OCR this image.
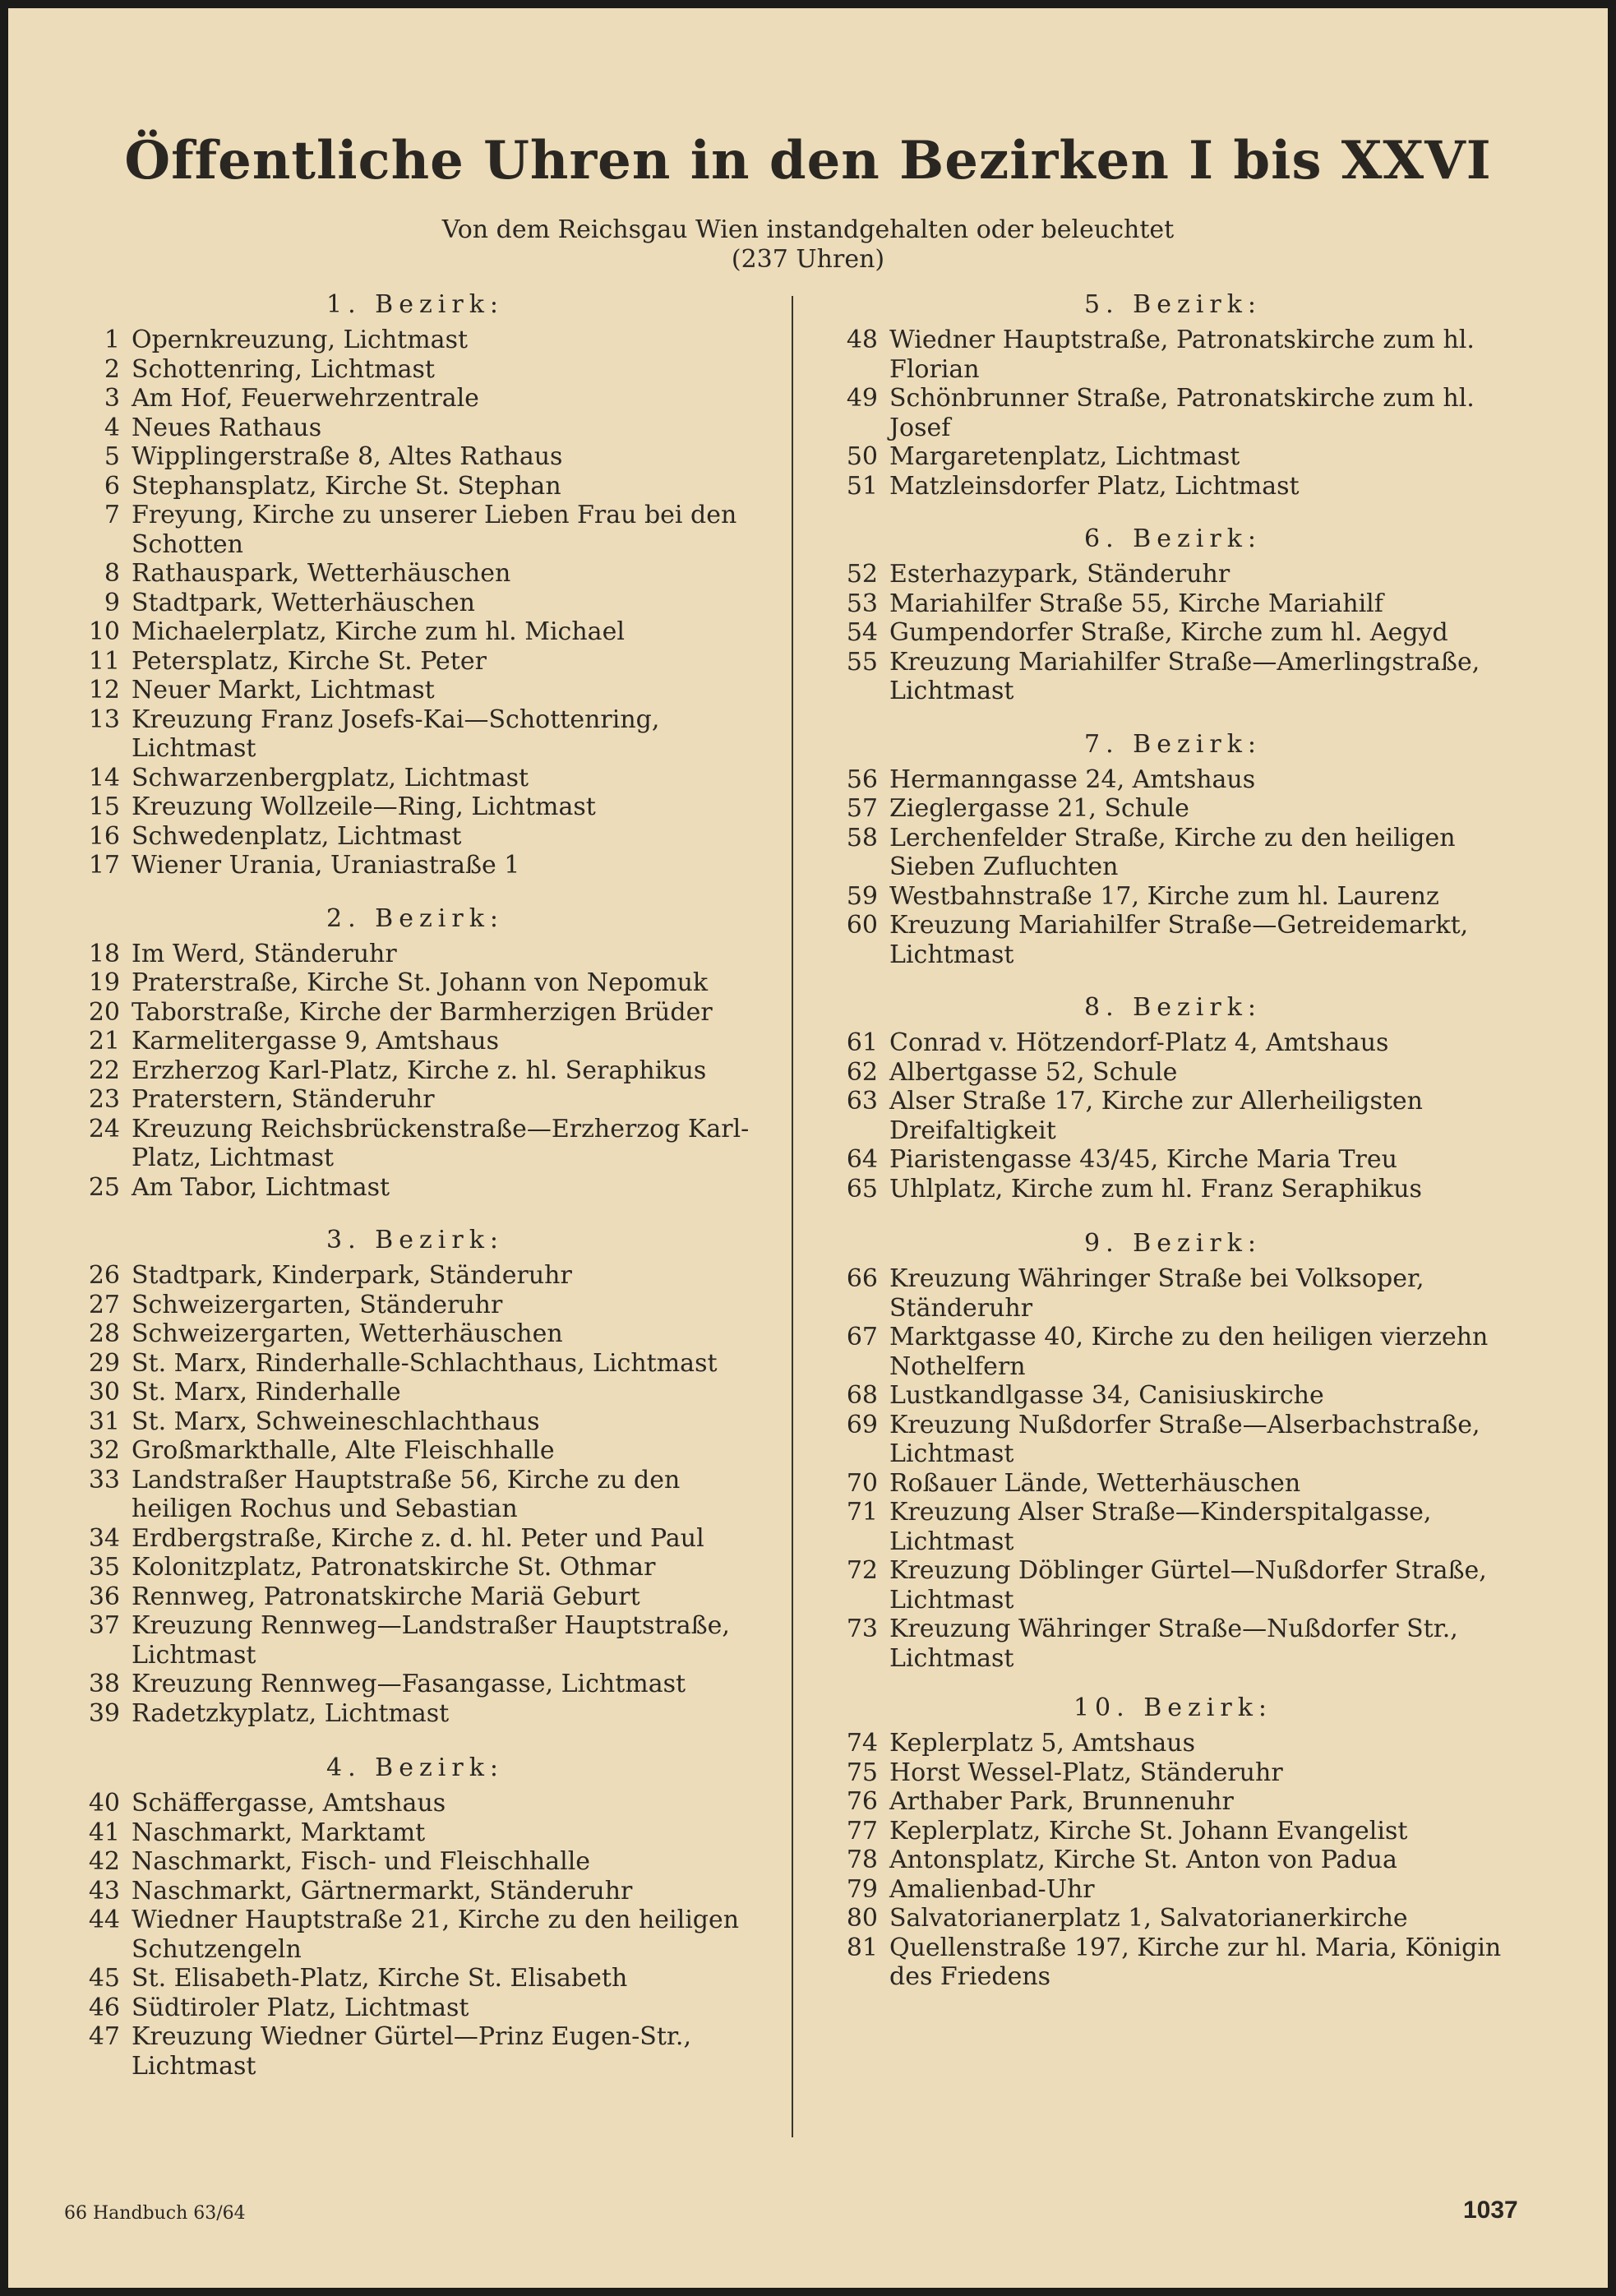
Öffentliche Uhren in den Bezirken I bis XXVI
Von dem Reichsgau Wien instandgehalten oder beleuchtet
(237 Uhren)
1. Bezirk:
1 Opernkreuzung, Lichtmast
2 Schottenring, Lichtmast
3 Am Hof, Feuerwehrzentrale
4 Neues Rathaus
5 Wipplingerstraße 8, Altes Rathaus
6 Stephansplatz, Kirche St. Stephan
7 Freyung, Kirche zu unserer Lieben Frau bei den Schotten
8 Rathauspark, Wetterhäuschen
9 Stadtpark, Wetterhäuschen
10 Michaelerplatz, Kirche zum hl. Michael
11 Petersplatz, Kirche St. Peter
12 Neuer Markt, Lichtmast
13 Kreuzung Franz Josefs-Kai—Schottenring, Lichtmast
14 Schwarzenbergplatz, Lichtmast
15 Kreuzung Wollzeile—Ring, Lichtmast
16 Schwedenplatz, Lichtmast
17 Wiener Urania, Uraniastraße 1
2. Bezirk:
18 Im Werd, Ständeruhr
19 Praterstraße, Kirche St. Johann von Nepomuk
20 Taborstraße, Kirche der Barmherzigen Brüder
21 Karmelitergasse 9, Amtshaus
22 Erzherzog Karl-Platz, Kirche z. hl. Seraphikus
23 Praterstern, Ständeruhr
24 Kreuzung Reichsbrückenstraße—Erzherzog Karl-Platz, Lichtmast
25 Am Tabor, Lichtmast
3. Bezirk:
26 Stadtpark, Kinderpark, Ständeruhr
27 Schweizergarten, Ständeruhr
28 Schweizergarten, Wetterhäuschen
29 St. Marx, Rinderhalle-Schlachthaus, Lichtmast
30 St. Marx, Rinderhalle
31 St. Marx, Schweineschlachthaus
32 Großmarkthalle, Alte Fleischhalle
33 Landstraßer Hauptstraße 56, Kirche zu den heiligen Rochus und Sebastian
34 Erdbergstraße, Kirche z. d. hl. Peter und Paul
35 Kolonitzplatz, Patronatskirche St. Othmar
36 Rennweg, Patronatskirche Mariä Geburt
37 Kreuzung Rennweg—Landstraßer Hauptstraße, Lichtmast
38 Kreuzung Rennweg—Fasangasse, Lichtmast
39 Radetzkyplatz, Lichtmast
4. Bezirk:
40 Schäffergasse, Amtshaus
41 Naschmarkt, Marktamt
42 Naschmarkt, Fisch- und Fleischhalle
43 Naschmarkt, Gärtnermarkt, Ständeruhr
44 Wiedner Hauptstraße 21, Kirche zu den heiligen Schutzengeln
45 St. Elisabeth-Platz, Kirche St. Elisabeth
46 Südtiroler Platz, Lichtmast
47 Kreuzung Wiedner Gürtel—Prinz Eugen-Str., Lichtmast
5. Bezirk:
48 Wiedner Hauptstraße, Patronatskirche zum hl. Florian
49 Schönbrunner Straße, Patronatskirche zum hl. Josef
50 Margaretenplatz, Lichtmast
51 Matzleinsdorfer Platz, Lichtmast
6. Bezirk:
52 Esterhazypark, Ständeruhr
53 Mariahilfer Straße 55, Kirche Mariahilf
54 Gumpendorfer Straße, Kirche zum hl. Aegyd
55 Kreuzung Mariahilfer Straße—Amerlingstraße, Lichtmast
7. Bezirk:
56 Hermanngasse 24, Amtshaus
57 Zieglergasse 21, Schule
58 Lerchenfelder Straße, Kirche zu den heiligen Sieben Zufluchten
59 Westbahnstraße 17, Kirche zum hl. Laurenz
60 Kreuzung Mariahilfer Straße—Getreidemarkt, Lichtmast
8. Bezirk:
61 Conrad v. Hötzendorf-Platz 4, Amtshaus
62 Albertgasse 52, Schule
63 Alser Straße 17, Kirche zur Allerheiligsten Dreifaltigkeit
64 Piaristengasse 43/45, Kirche Maria Treu
65 Uhlplatz, Kirche zum hl. Franz Seraphikus
9. Bezirk:
66 Kreuzung Währinger Straße bei Volksoper, Ständeruhr
67 Marktgasse 40, Kirche zu den heiligen vierzehn Nothelfern
68 Lustkandlgasse 34, Canisiuskirche
69 Kreuzung Nußdorfer Straße—Alserbachstraße, Lichtmast
70 Roßauer Lände, Wetterhäuschen
71 Kreuzung Alser Straße—Kinderspitalgasse, Lichtmast
72 Kreuzung Döblinger Gürtel—Nußdorfer Straße, Lichtmast
73 Kreuzung Währinger Straße—Nußdorfer Str., Lichtmast
10. Bezirk:
74 Keplerplatz 5, Amtshaus
75 Horst Wessel-Platz, Ständeruhr
76 Arthaber Park, Brunnenuhr
77 Keplerplatz, Kirche St. Johann Evangelist
78 Antonsplatz, Kirche St. Anton von Padua
79 Amalienbad-Uhr
80 Salvatorianerplatz 1, Salvatorianerkirche
81 Quellenstraße 197, Kirche zur hl. Maria, Königin des Friedens
66 Handbuch 63/64	1037
